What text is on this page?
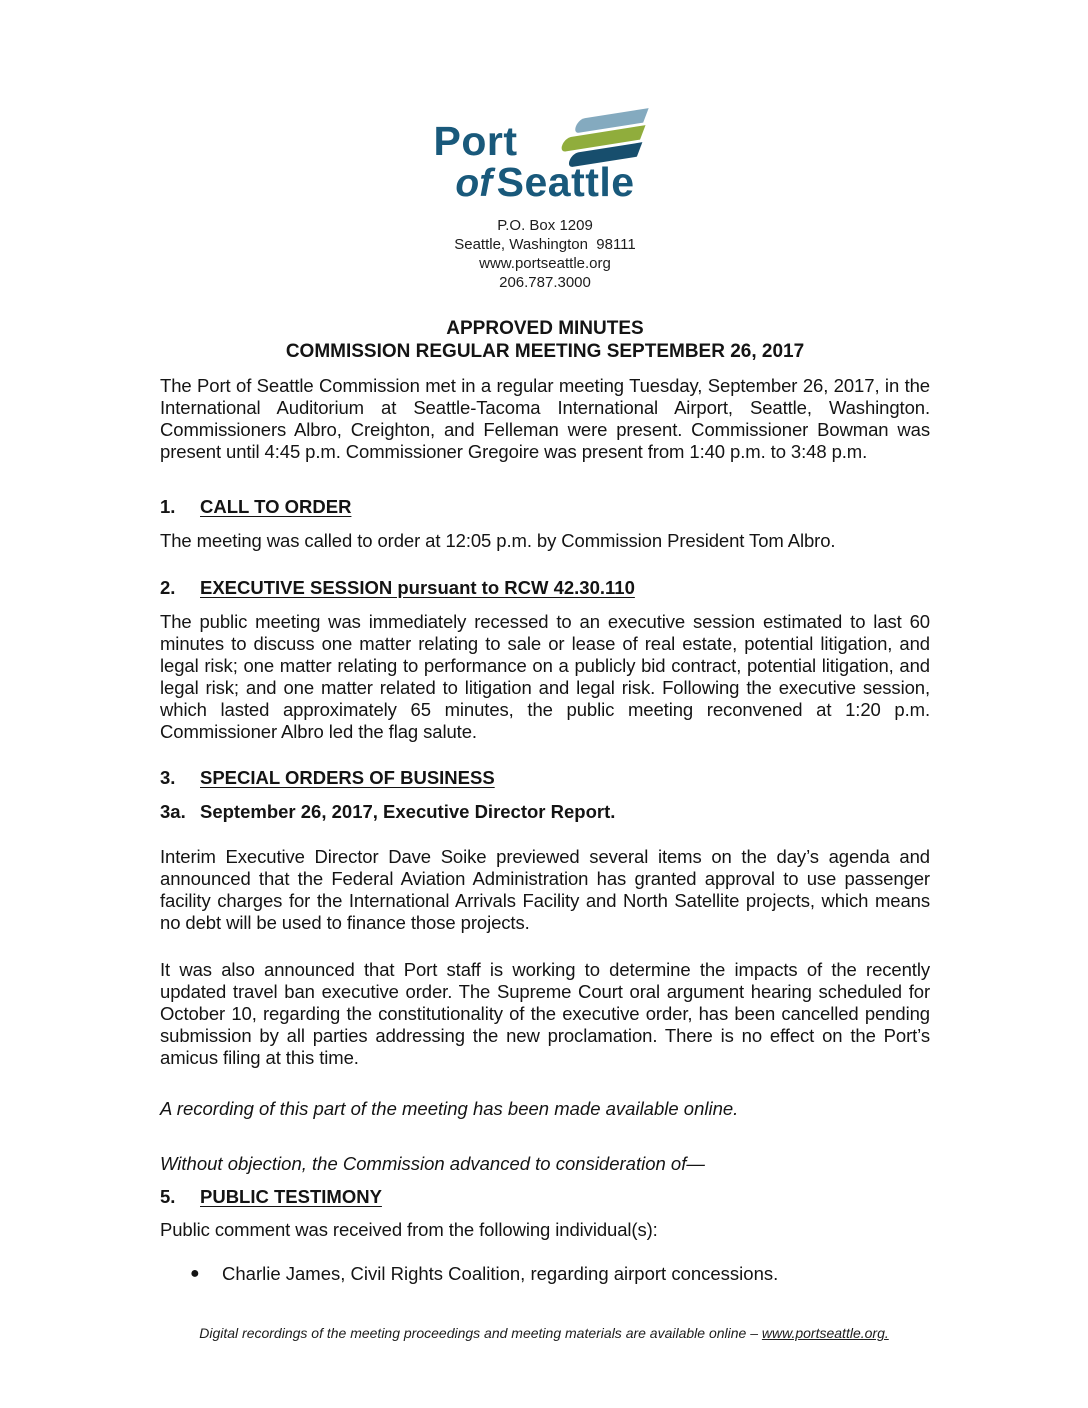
Port
of Seattle
P.O. Box 1209
Seattle, Washington  98111
www.portseattle.org
206.787.3000
APPROVED MINUTES
COMMISSION REGULAR MEETING SEPTEMBER 26, 2017

The Port of Seattle Commission met in a regular meeting Tuesday, September 26, 2017, in the International Auditorium at Seattle-Tacoma International Airport, Seattle, Washington. Commissioners Albro, Creighton, and Felleman were present. Commissioner Bowman was present until 4:45 p.m. Commissioner Gregoire was present from 1:40 p.m. to 3:48 p.m.

1.	CALL TO ORDER

The meeting was called to order at 12:05 p.m. by Commission President Tom Albro.

2.	EXECUTIVE SESSION pursuant to RCW 42.30.110

The public meeting was immediately recessed to an executive session estimated to last 60 minutes to discuss one matter relating to sale or lease of real estate, potential litigation, and legal risk; one matter relating to performance on a publicly bid contract, potential litigation, and legal risk; and one matter related to litigation and legal risk. Following the executive session, which lasted approximately 65 minutes, the public meeting reconvened at 1:20 p.m. Commissioner Albro led the flag salute.

3.	SPECIAL ORDERS OF BUSINESS
3a. September 26, 2017, Executive Director Report.

Interim Executive Director Dave Soike previewed several items on the day’s agenda and announced that the Federal Aviation Administration has granted approval to use passenger facility charges for the International Arrivals Facility and North Satellite projects, which means no debt will be used to finance those projects.

It was also announced that Port staff is working to determine the impacts of the recently updated travel ban executive order. The Supreme Court oral argument hearing scheduled for October 10, regarding the constitutionality of the executive order, has been cancelled pending submission by all parties addressing the new proclamation. There is no effect on the Port’s amicus filing at this time.

A recording of this part of the meeting has been made available online.

Without objection, the Commission advanced to consideration of—

5.	PUBLIC TESTIMONY

Public comment was received from the following individual(s):

●	Charlie James, Civil Rights Coalition, regarding airport concessions.
Digital recordings of the meeting proceedings and meeting materials are available online – www.portseattle.org.
